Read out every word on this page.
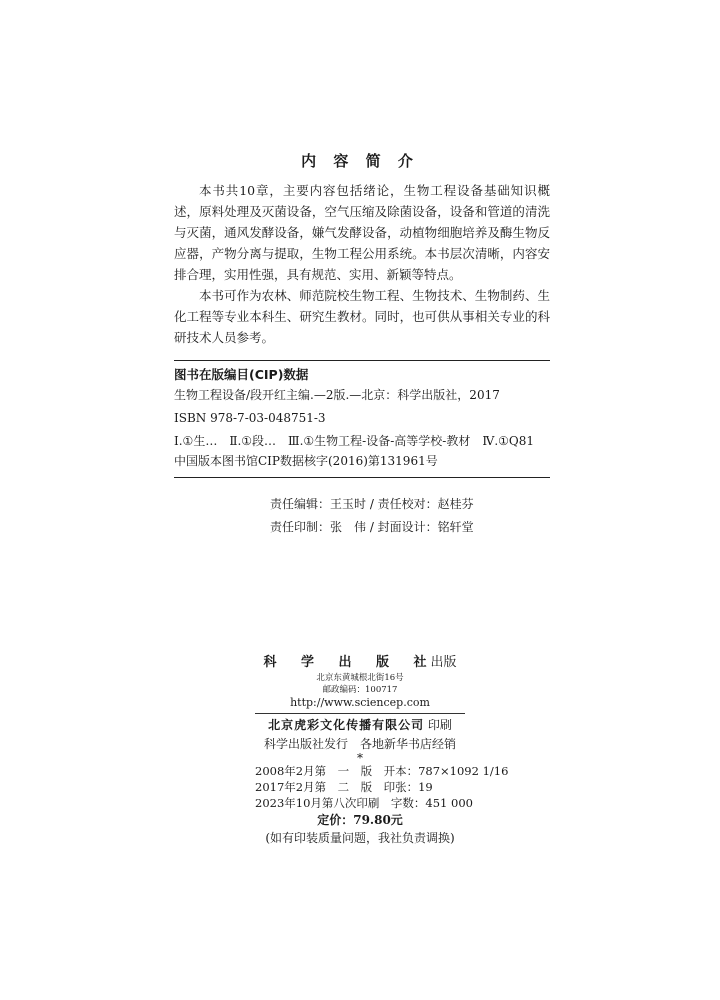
内 容 简 介

本书共10章，主要内容包括绪论，生物工程设备基础知识概述，原料处理及灭菌设备，空气压缩及除菌设备，设备和管道的清洗与灭菌，通风发酵设备，嫌气发酵设备，动植物细胞培养及酶生物反应器，产物分离与提取，生物工程公用系统。本书层次清晰，内容安排合理，实用性强，具有规范、实用、新颖等特点。

本书可作为农林、师范院校生物工程、生物技术、生物制药、生化工程等专业本科生、研究生教材。同时，也可供从事相关专业的科研技术人员参考。

图书在版编目(CIP)数据
生物工程设备/段开红主编.—2版.—北京：科学出版社，2017
ISBN 978-7-03-048751-3
Ⅰ.①生…　Ⅱ.①段…　Ⅲ.①生物工程-设备-高等学校-教材　Ⅳ.①Q81
中国版本图书馆CIP数据核字(2016)第131961号
责任编辑：王玉时 / 责任校对：赵桂芬
责任印制：张　伟 / 封面设计：铭轩堂
科 学 出 版 社出版
北京东黄城根北街16号
邮政编码：100717
http://www.sciencep.com
北京虎彩文化传播有限公司 印刷
科学出版社发行　各地新华书店经销
*
2008年2月第　一　版　开本：787×1092 1/16
2017年2月第　二　版　印张：19
2023年10月第八次印刷　字数：451 000
定价：79.80元
(如有印装质量问题，我社负责调换)
